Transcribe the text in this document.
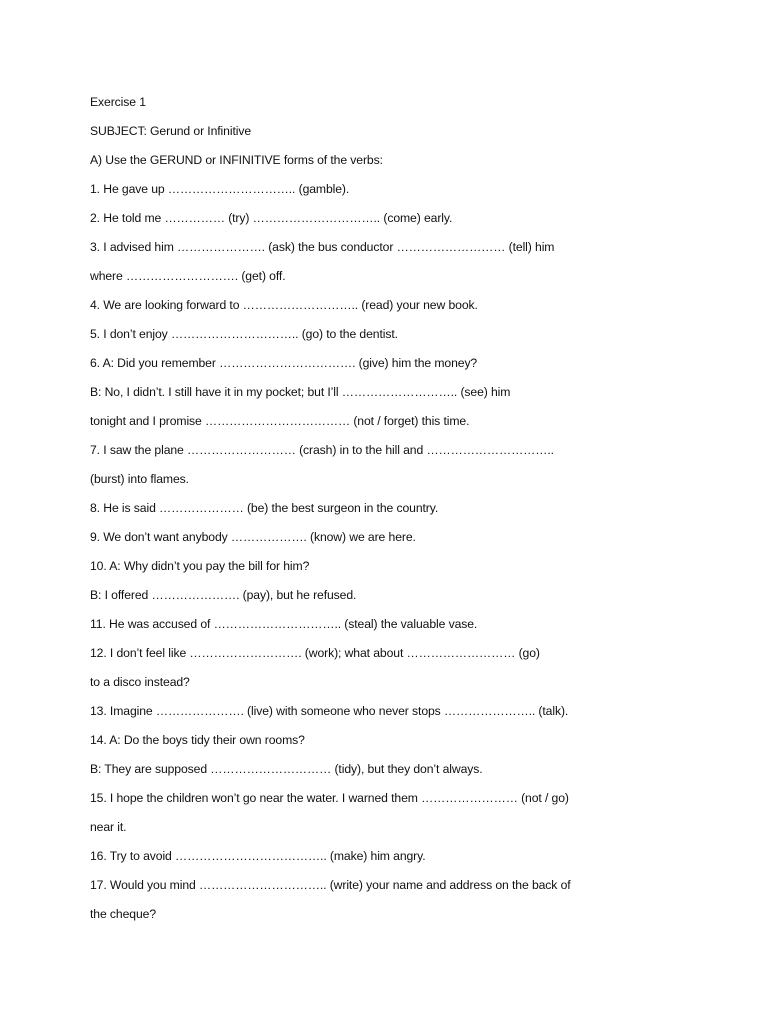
Exercise 1
SUBJECT: Gerund or Infinitive
A) Use the GERUND or INFINITIVE forms of the verbs:
1. He gave up ………………………….. (gamble).
2. He told me …………… (try) ………………………….. (come) early.
3. I advised him …………………. (ask) the bus conductor ……………………… (tell) him
where ………………………. (get) off.
4. We are looking forward to ……………………….. (read) your new book.
5. I don’t enjoy ………………………….. (go) to the dentist.
6. A: Did you remember ……………………………. (give) him the money?
B: No, I didn’t. I still have it in my pocket; but I’ll ……………………….. (see) him
tonight and I promise ……………………………… (not / forget) this time.
7. I saw the plane ……………………… (crash) in to the hill and …………………………..
(burst) into flames.
8. He is said ………………… (be) the best surgeon in the country.
9. We don’t want anybody ………………. (know) we are here.
10. A: Why didn’t you pay the bill for him?
B: I offered …………………. (pay), but he refused.
11. He was accused of ………………………….. (steal) the valuable vase.
12. I don’t feel like ………………………. (work); what about ……………………… (go)
to a disco instead?
13. Imagine …………………. (live) with someone who never stops ………………….. (talk).
14. A: Do the boys tidy their own rooms?
B: They are supposed ………………………… (tidy), but they don’t always.
15. I hope the children won’t go near the water. I warned them …………………… (not / go)
near it.
16. Try to avoid ……………………………….. (make) him angry.
17. Would you mind ………………………….. (write) your name and address on the back of
the cheque?
